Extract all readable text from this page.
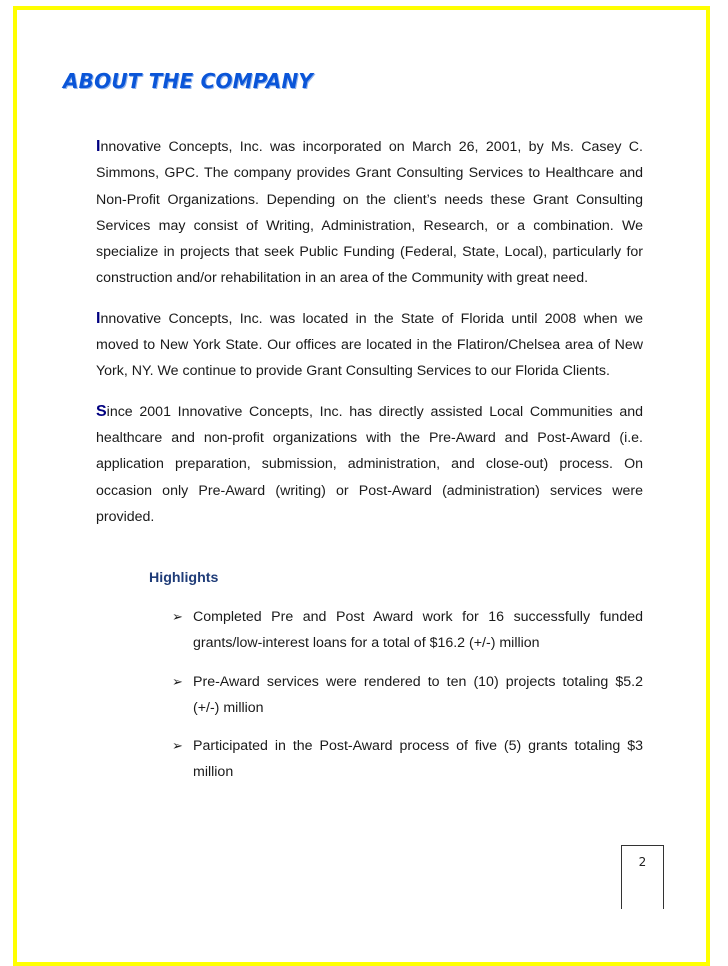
ABOUT THE COMPANY

Innovative Concepts, Inc. was incorporated on March 26, 2001, by Ms. Casey C. Simmons, GPC. The company provides Grant Consulting Services to Healthcare and Non-Profit Organizations. Depending on the client’s needs these Grant Consulting Services may consist of Writing, Administration, Research, or a combination. We specialize in projects that seek Public Funding (Federal, State, Local), particularly for construction and/or rehabilitation in an area of the Community with great need.

Innovative Concepts, Inc. was located in the State of Florida until 2008 when we moved to New York State. Our offices are located in the Flatiron/Chelsea area of New York, NY. We continue to provide Grant Consulting Services to our Florida Clients.

Since 2001 Innovative Concepts, Inc. has directly assisted Local Communities and healthcare and non-profit organizations with the Pre-Award and Post-Award (i.e. application preparation, submission, administration, and close-out) process. On occasion only Pre-Award (writing) or Post-Award (administration) services were provided.

Highlights
➢ Completed Pre and Post Award work for 16 successfully funded grants/low-interest loans for a total of $16.2 (+/-) million
➢ Pre-Award services were rendered to ten (10) projects totaling $5.2 (+/-) million
➢ Participated in the Post-Award process of five (5) grants totaling $3 million
2
